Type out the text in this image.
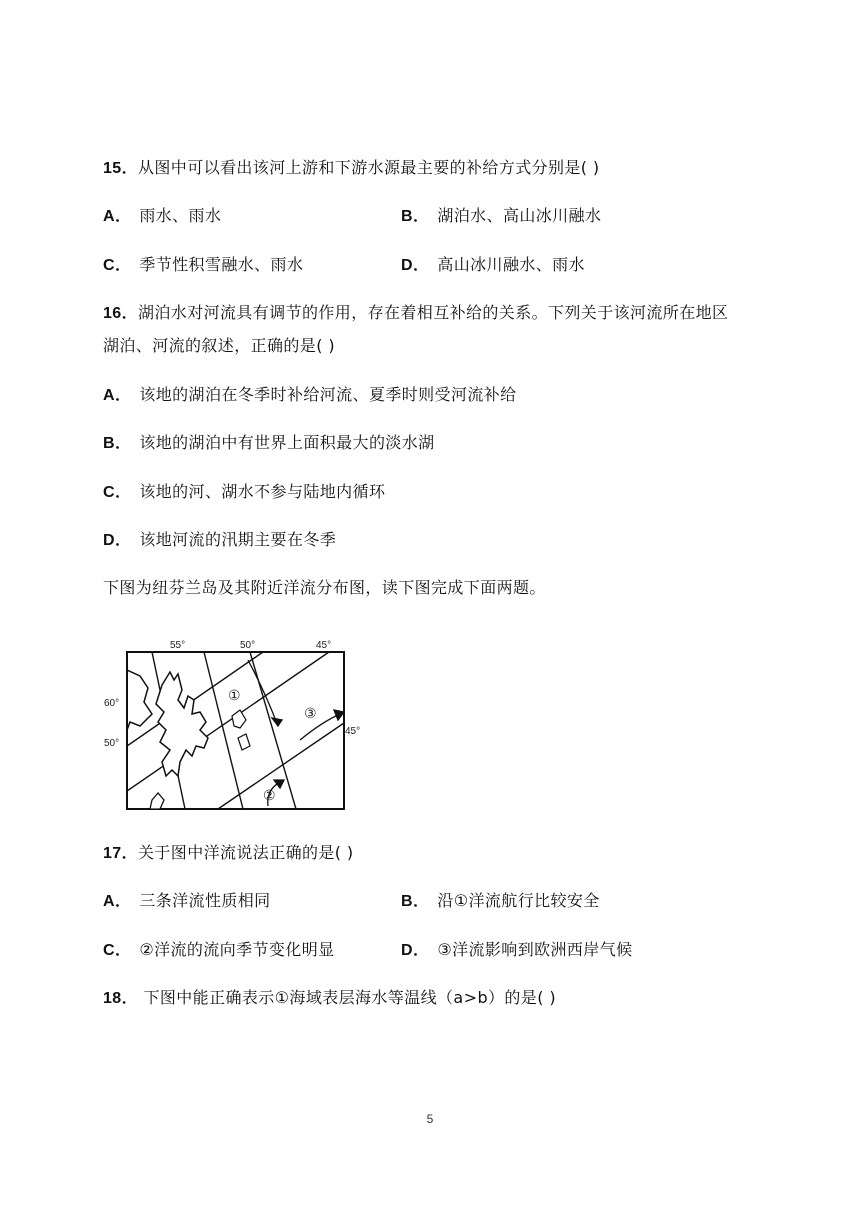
15．从图中可以看出该河上游和下游水源最主要的补给方式分别是( )
A． 雨水、雨水	B． 湖泊水、高山冰川融水
C． 季节性积雪融水、雨水	D． 高山冰川融水、雨水
16．湖泊水对河流具有调节的作用，存在着相互补给的关系。下列关于该河流所在地区
湖泊、河流的叙述，正确的是( )
A． 该地的湖泊在冬季时补给河流、夏季时则受河流补给
B． 该地的湖泊中有世界上面积最大的淡水湖
C． 该地的河、湖水不参与陆地内循环
D． 该地河流的汛期主要在冬季
下图为纽芬兰岛及其附近洋流分布图，读下图完成下面两题。
55°	50°	45°
60°
50°
45°
①
②
③
17．关于图中洋流说法正确的是( )
A． 三条洋流性质相同	B． 沿①洋流航行比较安全
C． ②洋流的流向季节变化明显	D． ③洋流影响到欧洲西岸气候
18． 下图中能正确表示①海域表层海水等温线（a>b）的是( )
5
